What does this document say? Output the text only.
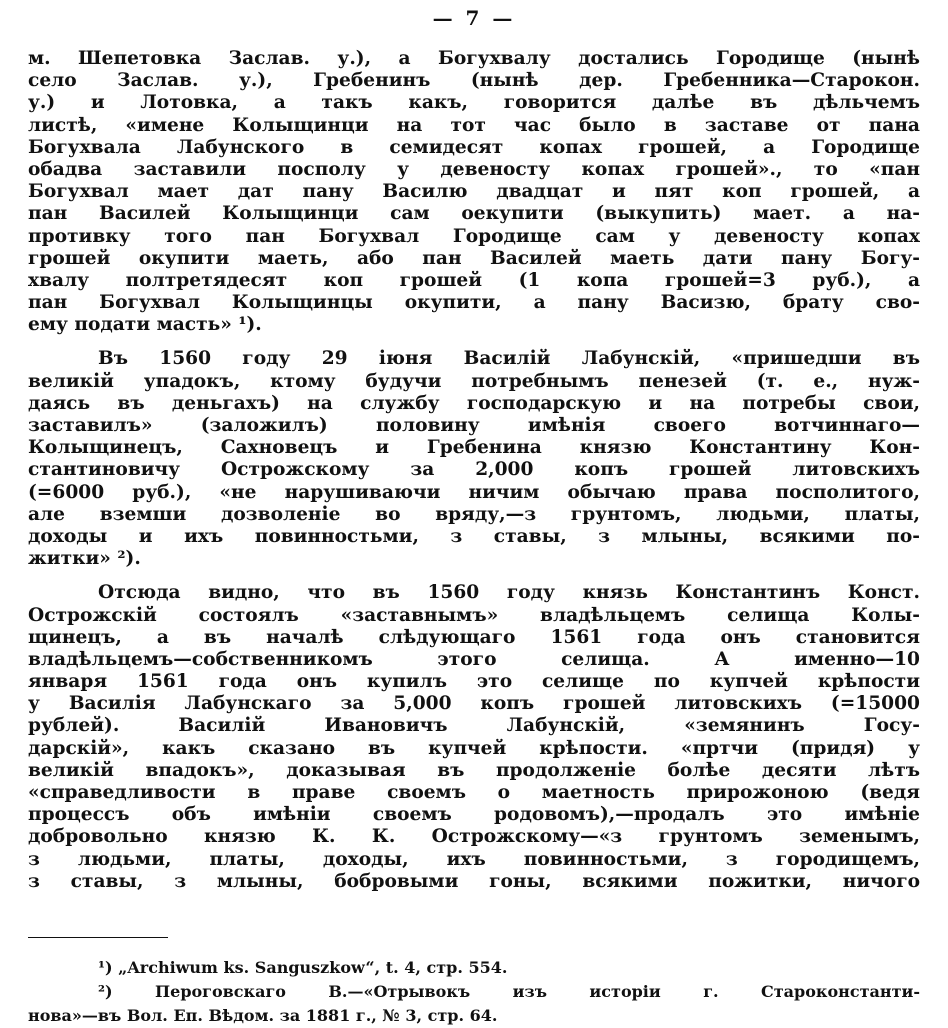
— 7 —
м. Шепетовка Заслав. у.), а Богухвалу достались Городище (нынѣ
село Заслав. у.), Гребенинъ (нынѣ дер. Гребенника—Старокон.
у.) и Лотовка, а такъ какъ, говорится далѣе въ дѣльчемъ
листѣ, «имене Колыщинци на тот час было в заставе от пана
Богухвала Лабунского в семидесят копах грошей, а Городище
обадва заставили посполу у девеносту копах грошей»., то «пан
Богухвал мает дат пану Василю двадцат и пят коп грошей, а
пан Василей Колыщинци сам оекупити (выкупить) мает. а на-
противку того пан Богухвал Городище сам у девеносту копах
грошей окупити маеть, або пан Василей маеть дати пану Богу-
хвалу полтретядесят коп грошей (1 копа грошей=3 руб.), а
пан Богухвал Колыщинцы окупити, а пану Васизю, брату сво-
ему подати масть» ¹).
Въ 1560 году 29 іюня Василій Лабунскій, «пришедши въ
великій упадокъ, ктому будучи потребнымъ пенезей (т. е., нуж-
даясь въ деньгахъ) на службу господарскую и на потребы свои,
заставилъ» (заложилъ) половину имѣнія своего вотчиннаго—
Колыщинецъ, Сахновецъ и Гребенина князю Константину Кон-
стантиновичу Острожскому за 2,000 копъ грошей литовскихъ
(=6000 руб.), «не нарушиваючи ничим обычаю права посполитого,
але вземши дозволеніе во вряду,—з грунтомъ, людьми, платы,
доходы и ихъ повинностьми, з ставы, з млыны, всякими по-
житки» ²).
Отсюда видно, что въ 1560 году князь Константинъ Конст.
Острожскій состоялъ «заставнымъ» владѣльцемъ селища Колы-
щинецъ, а въ началѣ слѣдующаго 1561 года онъ становится
владѣльцемъ—собственникомъ этого селища. А именно—10
января 1561 года онъ купилъ это селище по купчей крѣпости
у Василія Лабунскаго за 5,000 копъ грошей литовскихъ (=15000
рублей). Василій Ивановичъ Лабунскій, «земянинъ Госу-
дарскій», какъ сказано въ купчей крѣпости. «пртчи (придя) у
великій впадокъ», доказывая въ продолженіе болѣе десяти лѣтъ
«справедливости в праве своемъ о маетность прирожоною (ведя
процессъ объ имѣніи своемъ родовомъ),—продалъ это имѣніе
добровольно князю К. К. Острожскому—«з грунтомъ земенымъ,
з людьми, платы, доходы, ихъ повинностьми, з городищемъ,
з ставы, з млыны, бобровыми гоны, всякими пожитки, ничого
¹) „Archiwum ks. Sanguszkow“, t. 4, стр. 554.
²) Пероговскаго В.—«Отрывокъ изъ исторіи г. Староконстанти-
нова»—въ Вол. Еп. Вѣдом. за 1881 г., № 3, стр. 64.
